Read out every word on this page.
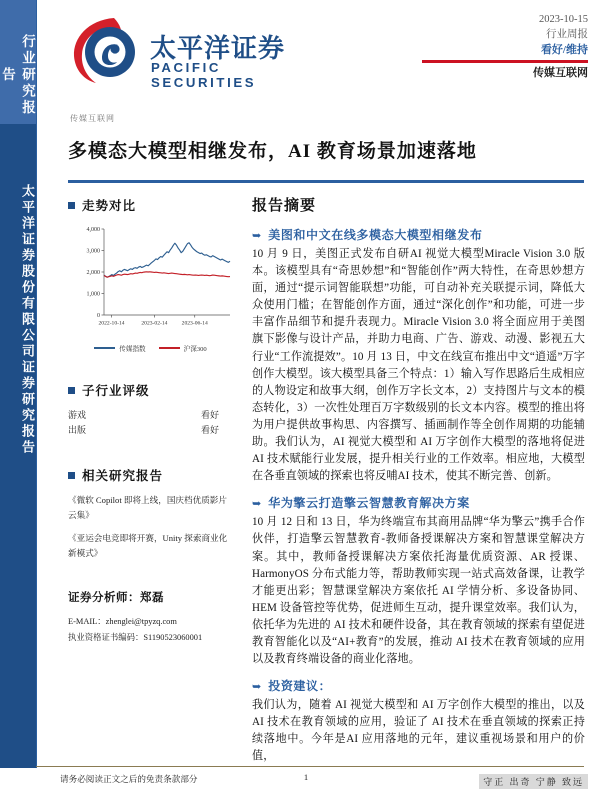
行业研究报告
太平洋证券股份有限公司证券研究报告
太平洋证券
PACIFIC SECURITIES
2023-10-15
行业周报
看好/维持
传媒互联网
传媒互联网
多模态大模型相继发布，AI 教育场景加速落地
走势对比
0
1,000
2,000
3,000
4,000
2022-10-14	2023-02-14	2023-06-14
传媒指数	沪深300
子行业评级
游戏	看好
出版	看好
相关研究报告
《微软 Copilot 即将上线，国庆档优质影片云集》
《亚运会电竞即将开赛，Unity 探索商业化新模式》
证券分析师：郑磊
E-MAIL：zhenglei@tpyzq.com
执业资格证书编码：S1190523060001
报告摘要
➥ 美图和中文在线多模态大模型相继发布

10 月 9 日，美图正式发布自研AI 视觉大模型Miracle Vision 3.0 版本。该模型具有“奇思妙想”和“智能创作”两大特性，在奇思妙想方面，通过“提示词智能联想”功能，可自动补充关联提示词，降低大众使用门槛；在智能创作方面，通过“深化创作”和功能，可进一步丰富作品细节和提升表现力。Miracle Vision 3.0 将全面应用于美图旗下影像与设计产品，并助力电商、广告、游戏、动漫、影视五大行业“工作流提效”。10 月 13 日，中文在线宣布推出中文“逍遥”万字创作大模型。该大模型具备三个特点：1）输入写作思路后生成相应的人物设定和故事大纲，创作万字长文本，2）支持图片与文本的模态转化，3）一次性处理百万字数级别的长文本内容。模型的推出将为用户提供故事构思、内容撰写、插画制作等全创作周期的功能辅助。我们认为，AI 视觉大模型和 AI 万字创作大模型的落地将促进 AI 技术赋能行业发展，提升相关行业的工作效率。相应地，大模型在各垂直领域的探索也将反哺AI 技术，使其不断完善、创新。

➥ 华为擎云打造擎云智慧教育解决方案

10 月 12 日和 13 日，华为终端宣布其商用品牌“华为擎云”携手合作伙伴，打造擎云智慧教育-教师备授课解决方案和智慧课堂解决方案。其中，教师备授课解决方案依托海量优质资源、AR 授课、HarmonyOS 分布式能力等，帮助教师实现一站式高效备课，让教学才能更出彩；智慧课堂解决方案依托 AI 学情分析、多设备协同、HEM 设备管控等优势，促进师生互动，提升课堂效率。我们认为，依托华为先进的 AI 技术和硬件设备，其在教育领域的探索有望促进教育智能化以及“AI+教育”的发展，推动 AI 技术在教育领域的应用以及教育终端设备的商业化落地。

➥ 投资建议：

我们认为，随着 AI 视觉大模型和 AI 万字创作大模型的推出，以及 AI 技术在教育领域的应用，验证了 AI 技术在垂直领域的探索正持续落地中。今年是AI 应用落地的元年，建议重视场景和用户的价值，

请务必阅读正文之后的免责条款部分	1	守正 出奇 宁静 致远
